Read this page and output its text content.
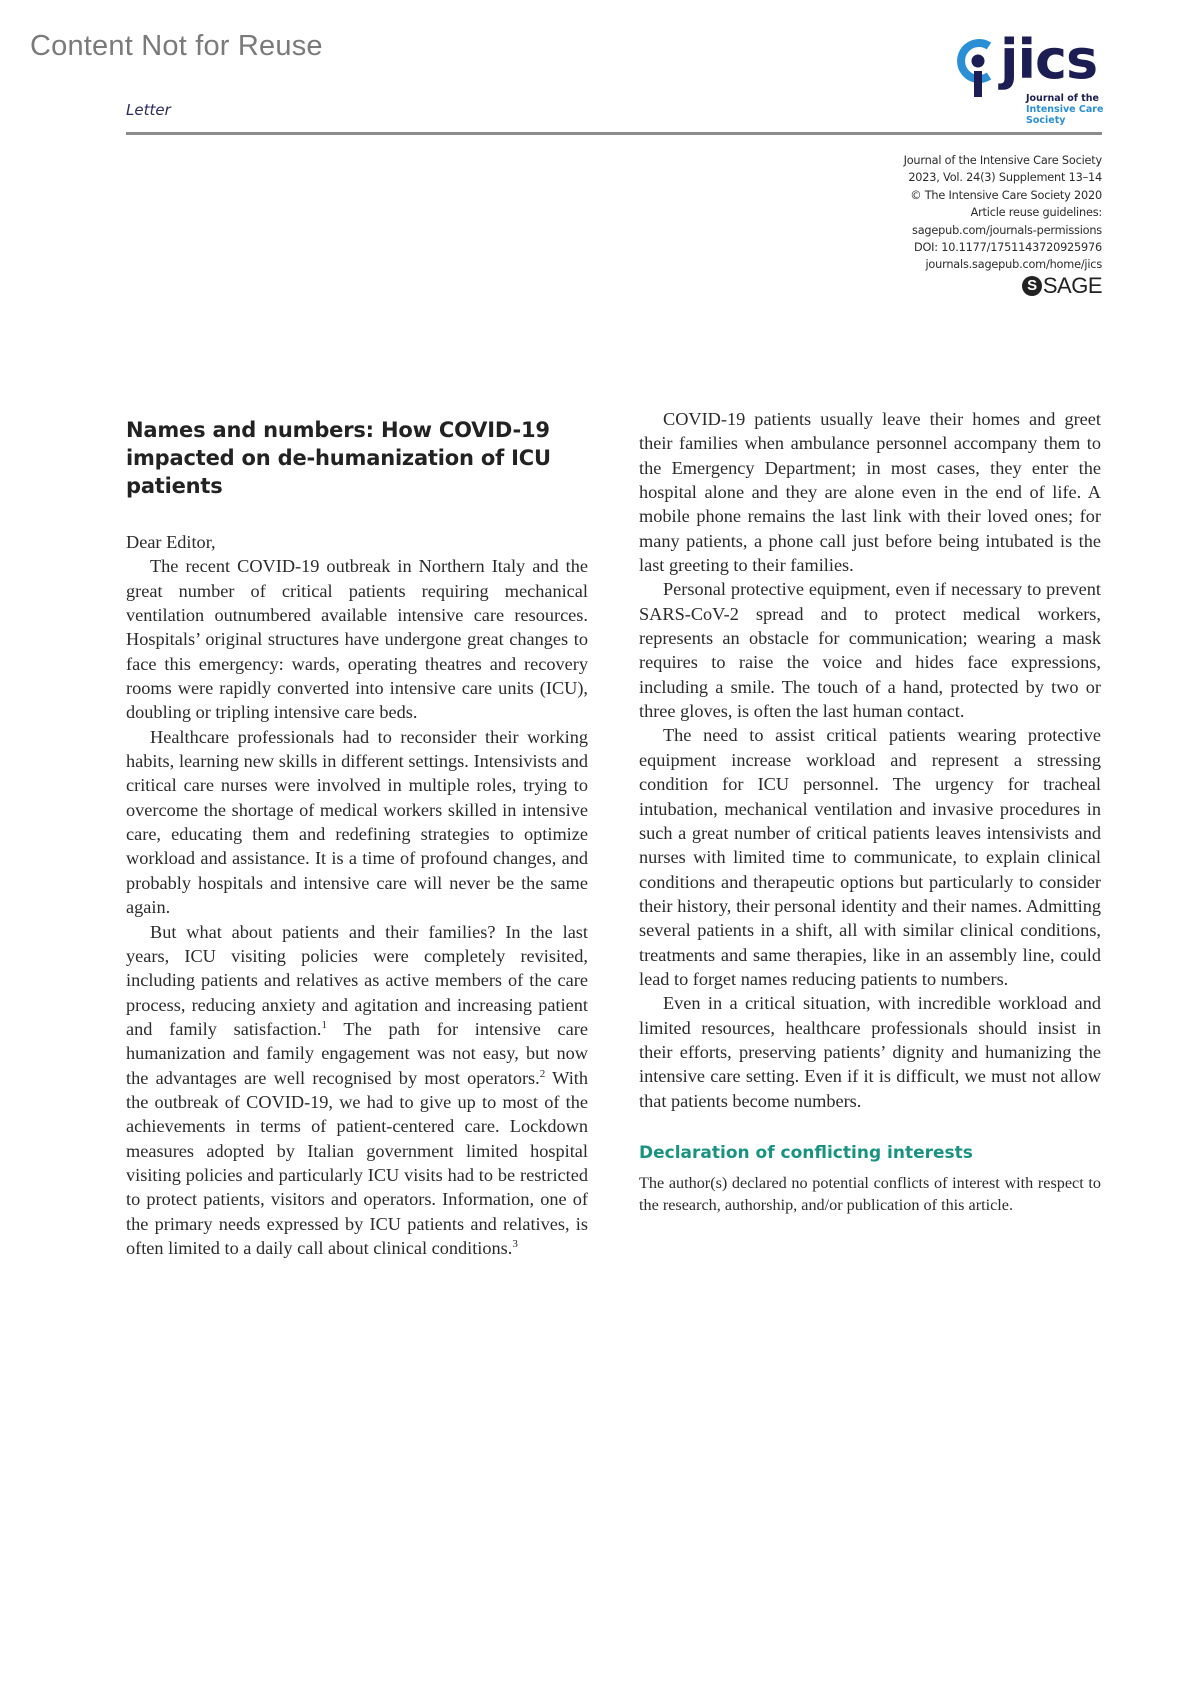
Content Not for Reuse
Letter
jics
Journal of the
Intensive Care
Society
Journal of the Intensive Care Society
2023, Vol. 24(3) Supplement 13–14
© The Intensive Care Society 2020
Article reuse guidelines:
sagepub.com/journals-permissions
DOI: 10.1177/1751143720925976
journals.sagepub.com/home/jics
S SAGE
Names and numbers: How COVID-19 impacted on de-humanization of ICU patients

Dear Editor,

The recent COVID-19 outbreak in Northern Italy and the great number of critical patients requiring mechanical ventilation outnumbered available intensive care resources. Hospitals’ original structures have undergone great changes to face this emergency: wards, operating theatres and recovery rooms were rapidly converted into intensive care units (ICU), doubling or tripling intensive care beds.

Healthcare professionals had to reconsider their working habits, learning new skills in different settings. Intensivists and critical care nurses were involved in multiple roles, trying to overcome the shortage of medical workers skilled in intensive care, educating them and redefining strategies to optimize workload and assistance. It is a time of profound changes, and probably hospitals and intensive care will never be the same again.

But what about patients and their families? In the last years, ICU visiting policies were completely revisited, including patients and relatives as active members of the care process, reducing anxiety and agitation and increasing patient and family satisfaction.$^1$ The path for intensive care humanization and family engagement was not easy, but now the advantages are well recognised by most operators.$^2$ With the outbreak of COVID-19, we had to give up to most of the achievements in terms of patient-centered care. Lockdown measures adopted by Italian government limited hospital visiting policies and particularly ICU visits had to be restricted to protect patients, visitors and operators. Information, one of the primary needs expressed by ICU patients and relatives, is often limited to a daily call about clinical conditions.$^3$

COVID-19 patients usually leave their homes and greet their families when ambulance personnel accompany them to the Emergency Department; in most cases, they enter the hospital alone and they are alone even in the end of life. A mobile phone remains the last link with their loved ones; for many patients, a phone call just before being intubated is the last greeting to their families.

Personal protective equipment, even if necessary to prevent SARS-CoV-2 spread and to protect medical workers, represents an obstacle for communication; wearing a mask requires to raise the voice and hides face expressions, including a smile. The touch of a hand, protected by two or three gloves, is often the last human contact.

The need to assist critical patients wearing protective equipment increase workload and represent a stressing condition for ICU personnel. The urgency for tracheal intubation, mechanical ventilation and invasive procedures in such a great number of critical patients leaves intensivists and nurses with limited time to communicate, to explain clinical conditions and therapeutic options but particularly to consider their history, their personal identity and their names. Admitting several patients in a shift, all with similar clinical conditions, treatments and same therapies, like in an assembly line, could lead to forget names reducing patients to numbers.

Even in a critical situation, with incredible workload and limited resources, healthcare professionals should insist in their efforts, preserving patients’ dignity and humanizing the intensive care setting. Even if it is difficult, we must not allow that patients become numbers.

Declaration of conflicting interests

The author(s) declared no potential conflicts of interest with respect to the research, authorship, and/or publication of this article.
